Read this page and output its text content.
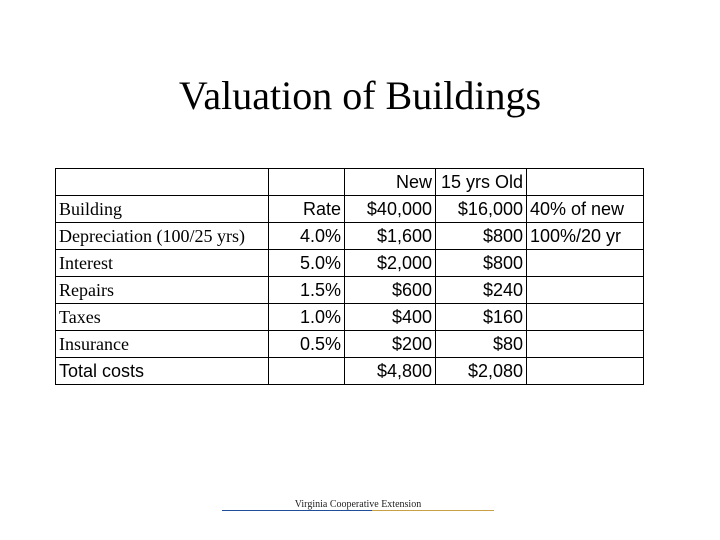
Valuation of Buildings
		New	15 yrs Old	
Building	Rate	$40,000	$16,000	40% of new
Depreciation (100/25 yrs)	4.0%	$1,600	$800	100%/20 yr
Interest	5.0%	$2,000	$800	
Repairs	1.5%	$600	$240	
Taxes	1.0%	$400	$160	
Insurance	0.5%	$200	$80	
Total costs		$4,800	$2,080	
Virginia Cooperative Extension
